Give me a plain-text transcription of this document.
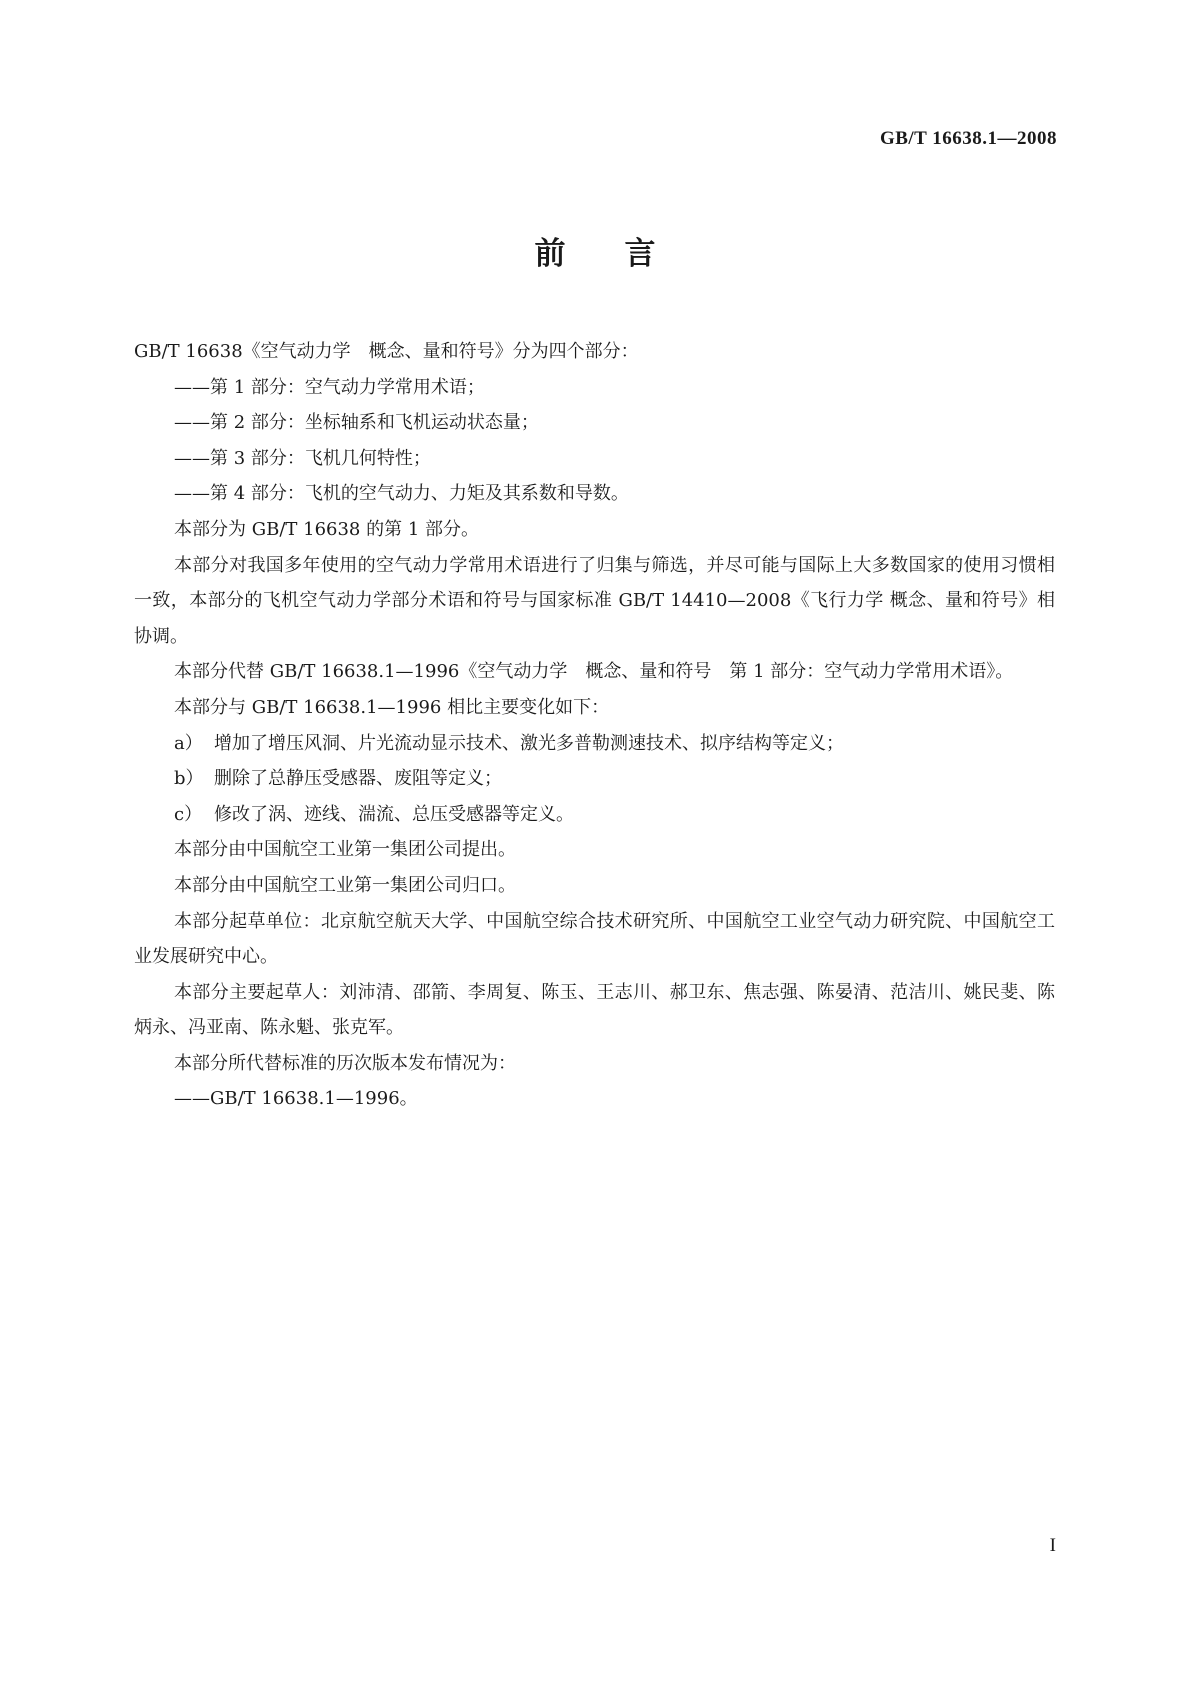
GB/T 16638.1—2008
前 言

GB/T 16638《空气动力学　概念、量和符号》分为四个部分：

——第 1 部分：空气动力学常用术语；

——第 2 部分：坐标轴系和飞机运动状态量；

——第 3 部分：飞机几何特性；

——第 4 部分：飞机的空气动力、力矩及其系数和导数。

本部分为 GB/T 16638 的第 1 部分。

本部分对我国多年使用的空气动力学常用术语进行了归集与筛选，并尽可能与国际上大多数国家的使用习惯相一致，本部分的飞机空气动力学部分术语和符号与国家标准 GB/T 14410—2008《飞行力学 概念、量和符号》相协调。

本部分代替 GB/T 16638.1—1996《空气动力学　概念、量和符号　第 1 部分：空气动力学常用术语》。

本部分与 GB/T 16638.1—1996 相比主要变化如下：

a） 增加了增压风洞、片光流动显示技术、激光多普勒测速技术、拟序结构等定义；

b） 删除了总静压受感器、废阻等定义；

c） 修改了涡、迹线、湍流、总压受感器等定义。

本部分由中国航空工业第一集团公司提出。

本部分由中国航空工业第一集团公司归口。

本部分起草单位：北京航空航天大学、中国航空综合技术研究所、中国航空工业空气动力研究院、中国航空工业发展研究中心。

本部分主要起草人：刘沛清、邵箭、李周复、陈玉、王志川、郝卫东、焦志强、陈晏清、范洁川、姚民斐、陈炳永、冯亚南、陈永魁、张克军。

本部分所代替标准的历次版本发布情况为：

——GB/T 16638.1—1996。

I
